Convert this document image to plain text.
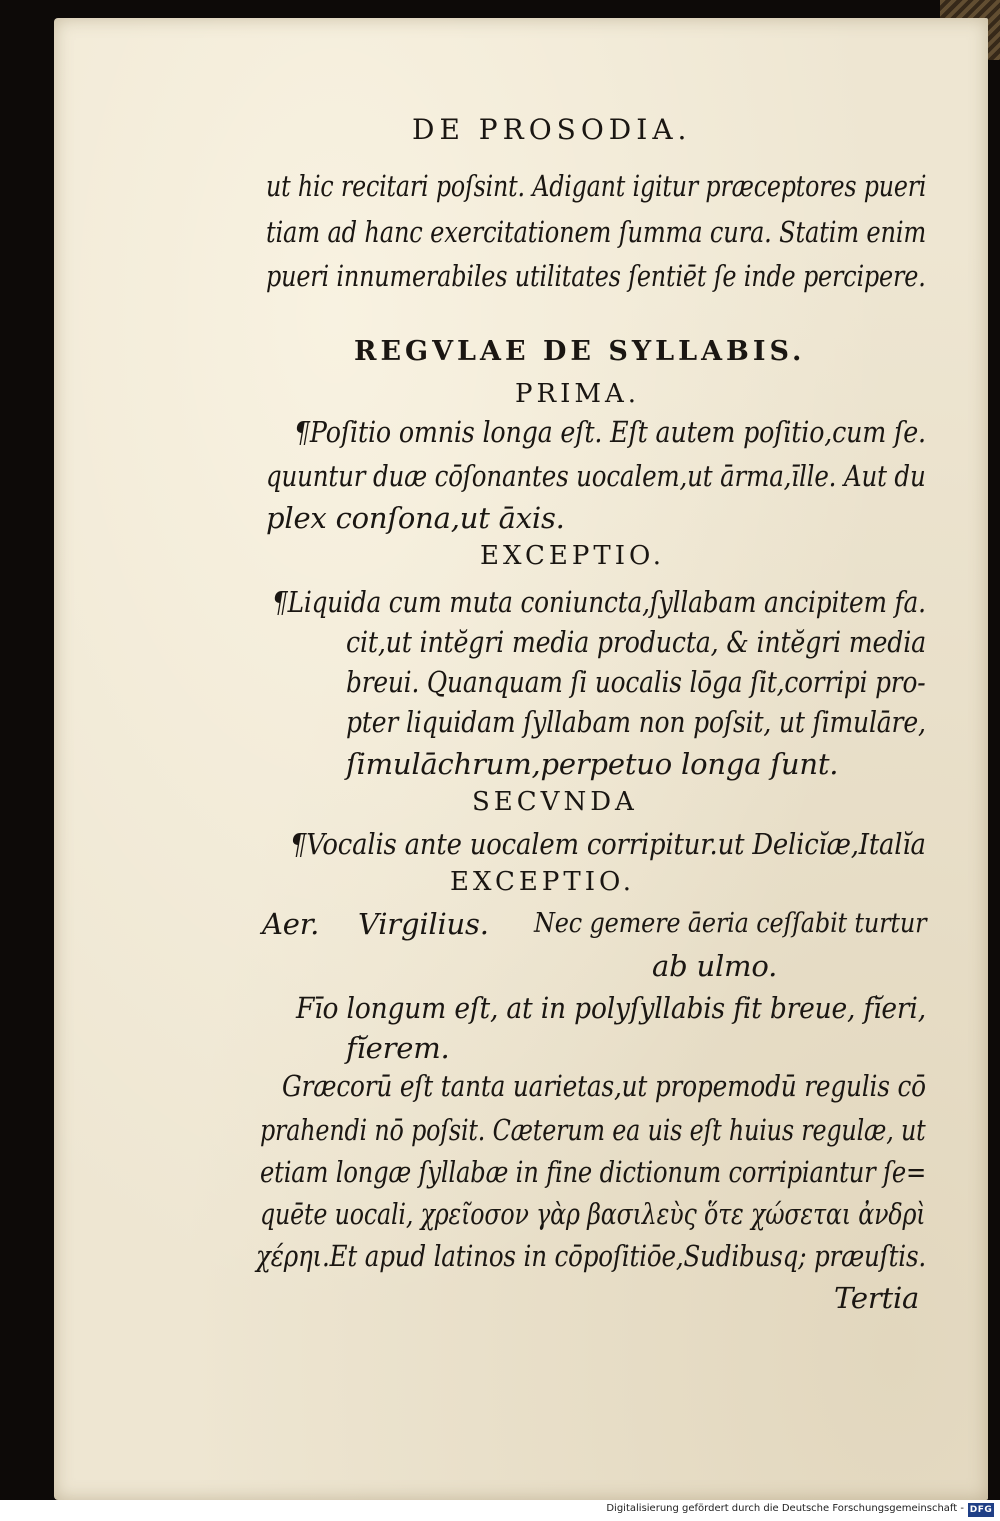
DE PROSODIA.
ut hic recitari poſsint. Adigant igitur præceptores pueri
tiam ad hanc exercitationem ſumma cura. Statim enim
pueri innumerabiles utilitates ſentiēt ſe inde percipere.
REGVLAE DE SYLLABIS.
PRIMA.
¶Poſitio omnis longa eſt. Eſt autem poſitio,cum ſe.
quuntur duæ cōſonantes uocalem,ut ārma,īlle. Aut du
plex conſona,ut āxis.
EXCEPTIO.
¶Liquida cum muta coniuncta,ſyllabam ancipitem fa.
cit,ut intĕgri media producta, & intĕgri media
breui. Quanquam ſi uocalis lōga ſit,corripi pro-
pter liquidam ſyllabam non poſsit, ut ſimulāre,
ſimulāchrum,perpetuo longa ſunt.
SECVNDA
¶Vocalis ante uocalem corripitur.ut Delicĭæ,Italĭa
EXCEPTIO.
Aer. Virgilius. Nec gemere āeria ceſſabit turtur
ab ulmo.
Fīo longum eſt, at in polyſyllabis fit breue, fĭeri,
fĭerem.
Græcorū eſt tanta uarietas,ut propemodū regulis cō
prahendi nō poſsit. Cæterum ea uis eſt huius regulæ, ut
etiam longæ ſyllabæ in fine dictionum corripiantur ſe=
quēte uocali, χρεῖοσον γὰρ βασιλεὺς ὅτε χώσεται ἀνδρὶ
χέρηι.Et apud latinos in cōpoſitiōe,Sudibusq; præuſtis.
Tertia
Digitalisierung gefördert durch die Deutsche Forschungsgemeinschaft - DFG
